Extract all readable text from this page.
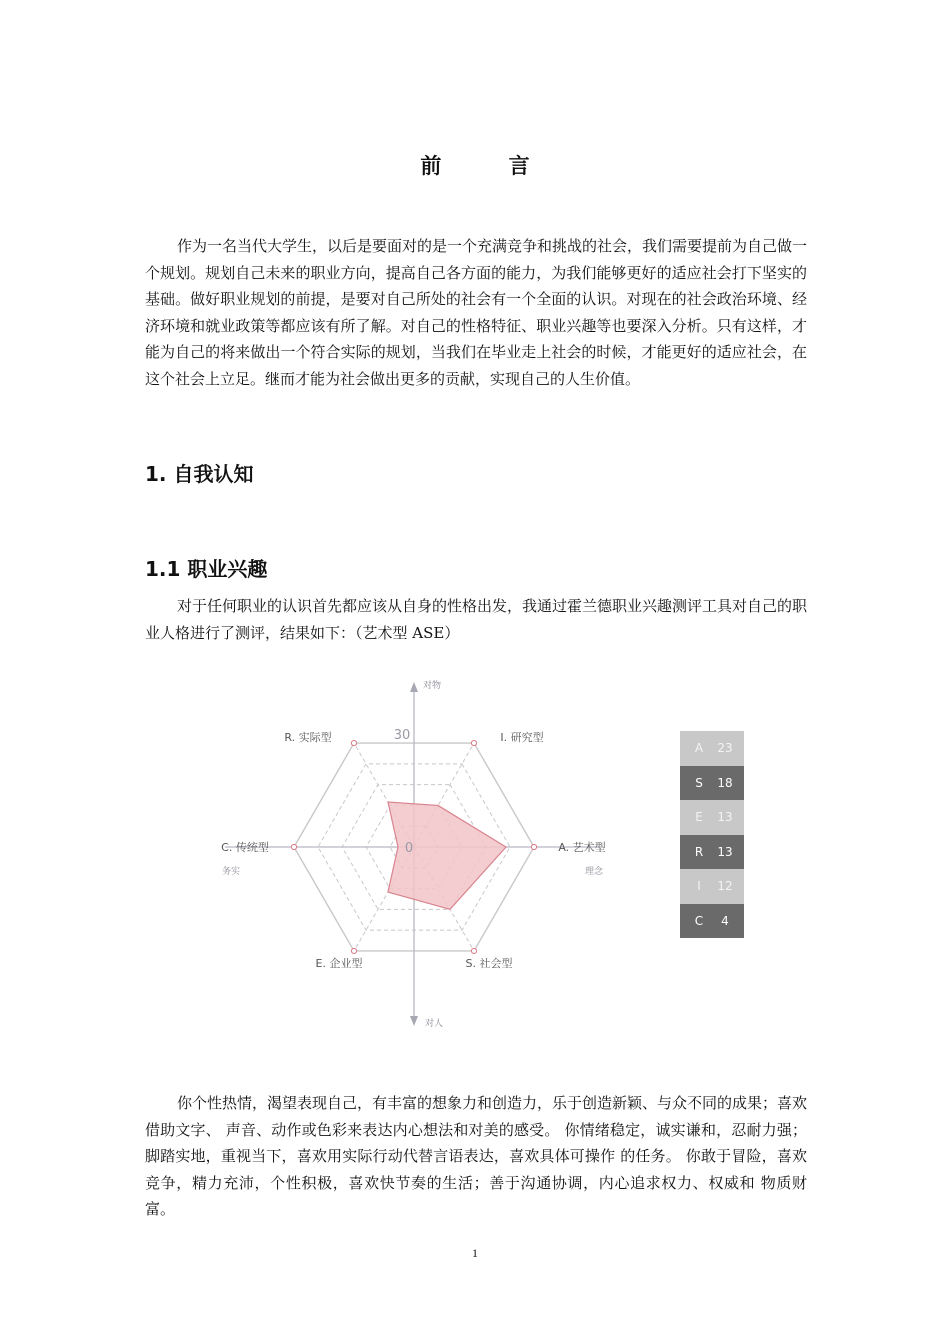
前 言

作为一名当代大学生，以后是要面对的是一个充满竞争和挑战的社会，我们需要提前为自己做一个规划。规划自己未来的职业方向，提高自己各方面的能力，为我们能够更好的适应社会打下坚实的基础。做好职业规划的前提，是要对自己所处的社会有一个全面的认识。对现在的社会政治环境、经济环境和就业政策等都应该有所了解。对自己的性格特征、职业兴趣等也要深入分析。只有这样，才能为自己的将来做出一个符合实际的规划，当我们在毕业走上社会的时候，才能更好的适应社会，在这个社会上立足。继而才能为社会做出更多的贡献，实现自己的人生价值。

1. 自我认知
1.1 职业兴趣

对于任何职业的认识首先都应该从自身的性格出发，我通过霍兰德职业兴趣测评工具对自己的职业人格进行了测评，结果如下：（艺术型 ASE）

30
0
I. 研究型
A. 艺术型
S. 社会型
E. 企业型
C. 传统型
R. 实际型
对物
对人
务实	理念
A	23
S	18
E	13
R	13
I	12
C	4

你个性热情，渴望表现自己，有丰富的想象力和创造力，乐于创造新颖、与众不同的成果；喜欢借助文字、 声音、动作或色彩来表达内心想法和对美的感受。 你情绪稳定，诚实谦和，忍耐力强；脚踏实地，重视当下，喜欢用实际行动代替言语表达，喜欢具体可操作 的任务。 你敢于冒险，喜欢竞争，精力充沛，个性积极，喜欢快节奏的生活；善于沟通协调，内心追求权力、权威和 物质财富。

1
